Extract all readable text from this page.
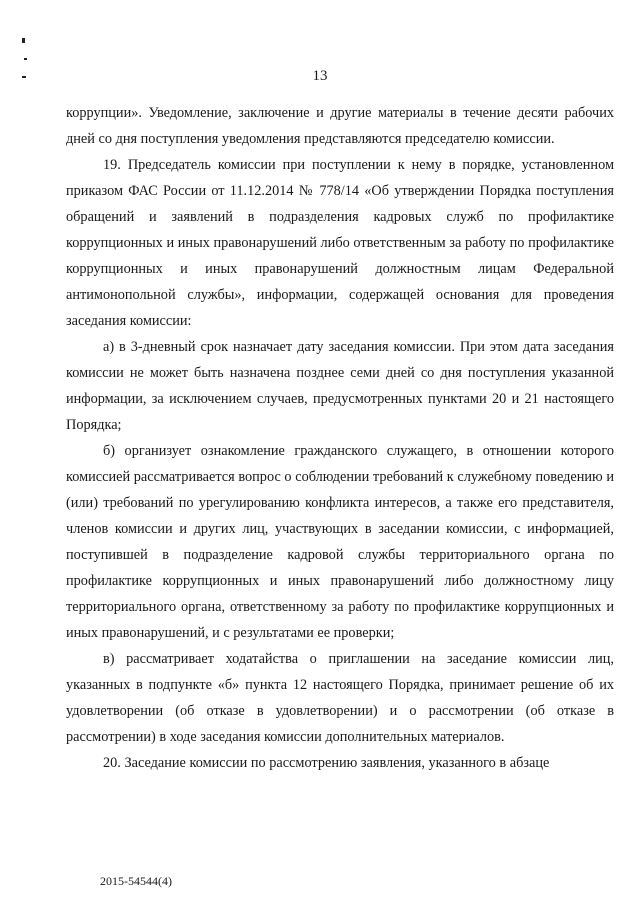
13

коррупции». Уведомление, заключение и другие материалы в течение десяти рабочих дней со дня поступления уведомления представляются председателю комиссии.

19. Председатель комиссии при поступлении к нему в порядке, установленном приказом ФАС России от 11.12.2014 № 778/14 «Об утверждении Порядка поступления обращений и заявлений в подразделения кадровых служб по профилактике коррупционных и иных правонарушений либо ответственным за работу по профилактике коррупционных и иных правонарушений должностным лицам Федеральной антимонопольной службы», информации, содержащей основания для проведения заседания комиссии:

а) в 3-дневный срок назначает дату заседания комиссии. При этом дата заседания комиссии не может быть назначена позднее семи дней со дня поступления указанной информации, за исключением случаев, предусмотренных пунктами 20 и 21 настоящего Порядка;

б) организует ознакомление гражданского служащего, в отношении которого комиссией рассматривается вопрос о соблюдении требований к служебному поведению и (или) требований по урегулированию конфликта интересов, а также его представителя, членов комиссии и других лиц, участвующих в заседании комиссии, с информацией, поступившей в подразделение кадровой службы территориального органа по профилактике коррупционных и иных правонарушений либо должностному лицу территориального органа, ответственному за работу по профилактике коррупционных и иных правонарушений, и с результатами ее проверки;

в) рассматривает ходатайства о приглашении на заседание комиссии лиц, указанных в подпункте «б» пункта 12 настоящего Порядка, принимает решение об их удовлетворении (об отказе в удовлетворении) и о рассмотрении (об отказе в рассмотрении) в ходе заседания комиссии дополнительных материалов.

20. Заседание комиссии по рассмотрению заявления, указанного в абзаце

2015-54544(4)
